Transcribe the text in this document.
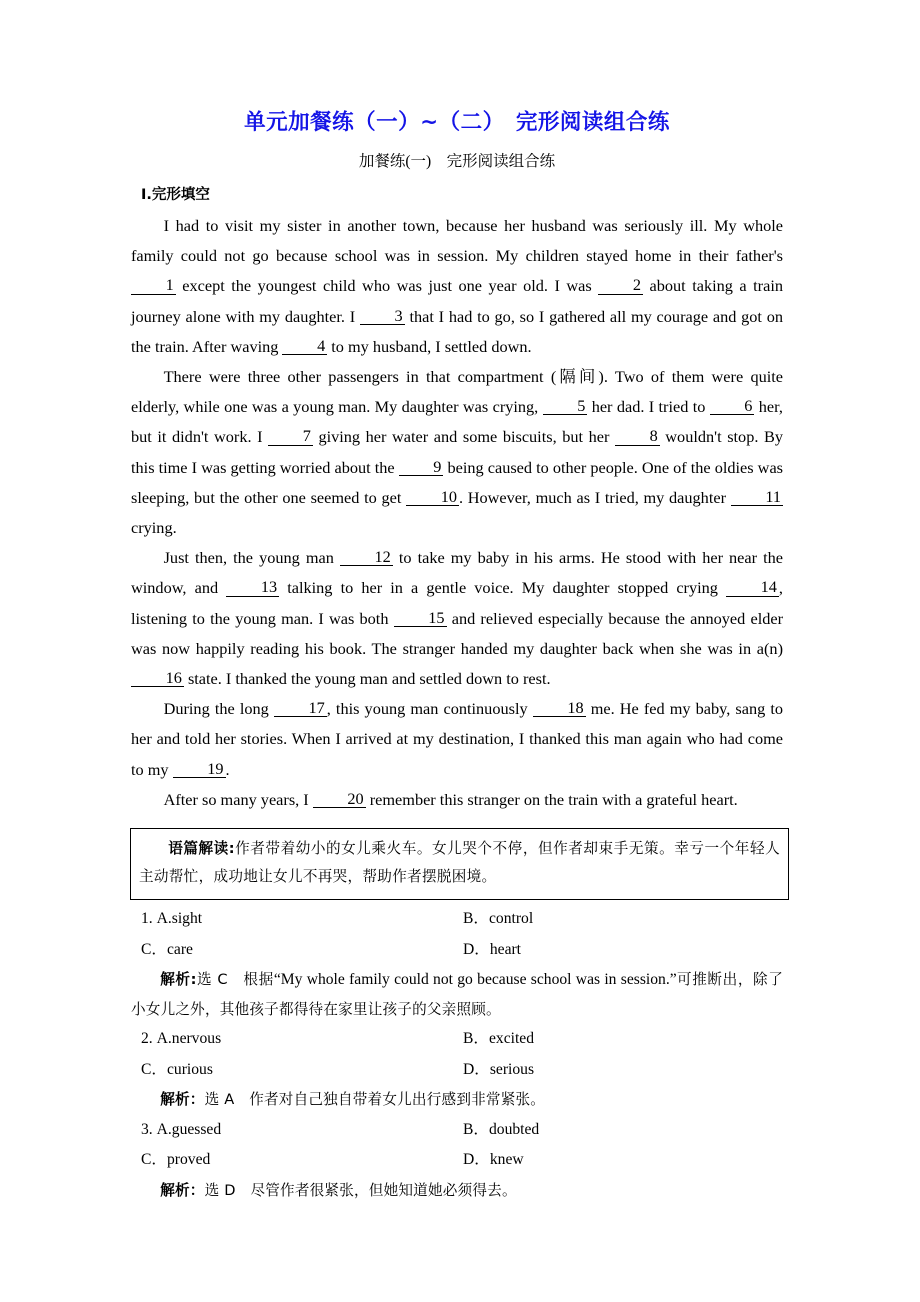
单元加餐练（一）~（二）　完形阅读组合练
加餐练(一)　完形阅读组合练
Ⅰ.完形填空

I had to visit my sister in another town, because her husband was seriously ill. My whole family could not go because school was in session. My children stayed home in their father's 1 except the youngest child who was just one year old. I was 2 about taking a train journey alone with my daughter. I 3 that I had to go, so I gathered all my courage and got on the train. After waving 4 to my husband, I settled down.

There were three other passengers in that compartment (隔间). Two of them were quite elderly, while one was a young man. My daughter was crying, 5 her dad. I tried to 6 her, but it didn't work. I 7 giving her water and some biscuits, but her 8 wouldn't stop. By this time I was getting worried about the 9 being caused to other people. One of the oldies was sleeping, but the other one seemed to get 10 . However, much as I tried, my daughter 11 crying.

Just then, the young man 12 to take my baby in his arms. He stood with her near the window, and 13 talking to her in a gentle voice. My daughter stopped crying 14 , listening to the young man. I was both 15 and relieved especially because the annoyed elder was now happily reading his book. The stranger handed my daughter back when she was in a(n) 16 state. I thanked the young man and settled down to rest.

During the long 17 , this young man continuously 18 me. He fed my baby, sang to her and told her stories. When I arrived at my destination, I thanked this man again who had come to my 19 .

After so many years, I 20 remember this stranger on the train with a grateful heart.

语篇解读:作者带着幼小的女儿乘火车。女儿哭个不停，但作者却束手无策。幸亏一个年轻人主动帮忙，成功地让女儿不再哭，帮助作者摆脱困境。

1. A.sight	B．control
C．care	D．heart

解析:选 C　 根据“My whole family could not go because school was in session.”可推断出，除了小女儿之外，其他孩子都得待在家里让孩子的父亲照顾。

2. A.nervous	B．excited
C．curious	D．serious

解析：选 A　 作者对自己独自带着女儿出行感到非常紧张。

3. A.guessed	B．doubted
C．proved	D．knew

解析：选 D　 尽管作者很紧张，但她知道她必须得去。
